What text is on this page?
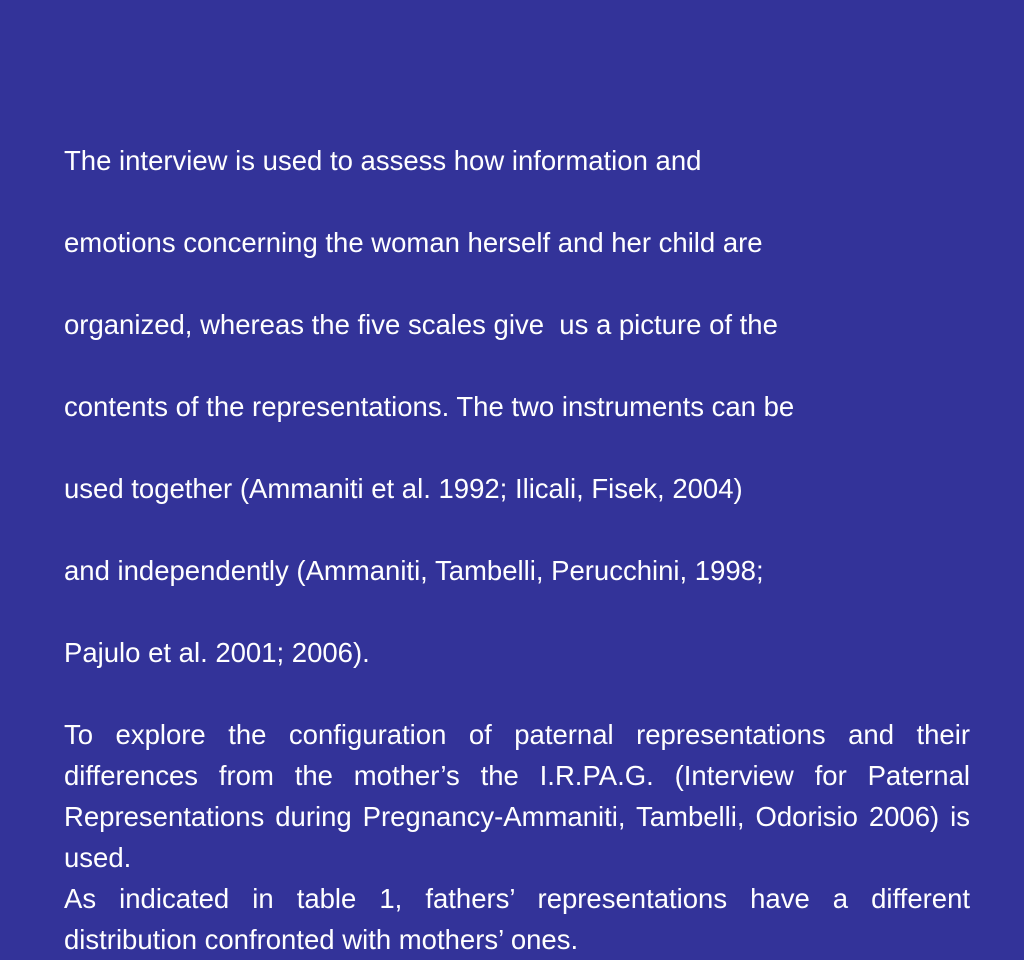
The interview is used to assess how information and

emotions concerning the woman herself and her child are

organized, whereas the five scales give  us a picture of the

contents of the representations. The two instruments can be

used together (Ammaniti et al. 1992; Ilicali, Fisek, 2004)

and independently (Ammaniti, Tambelli, Perucchini, 1998;

Pajulo et al. 2001; 2006).

To explore the configuration of paternal representations and their differences from the mother’s the I.R.PA.G. (Interview for Paternal Representations during Pregnancy-Ammaniti, Tambelli, Odorisio 2006) is used.

As indicated in table 1, fathers’ representations have a different distribution confronted with mothers’ ones.
